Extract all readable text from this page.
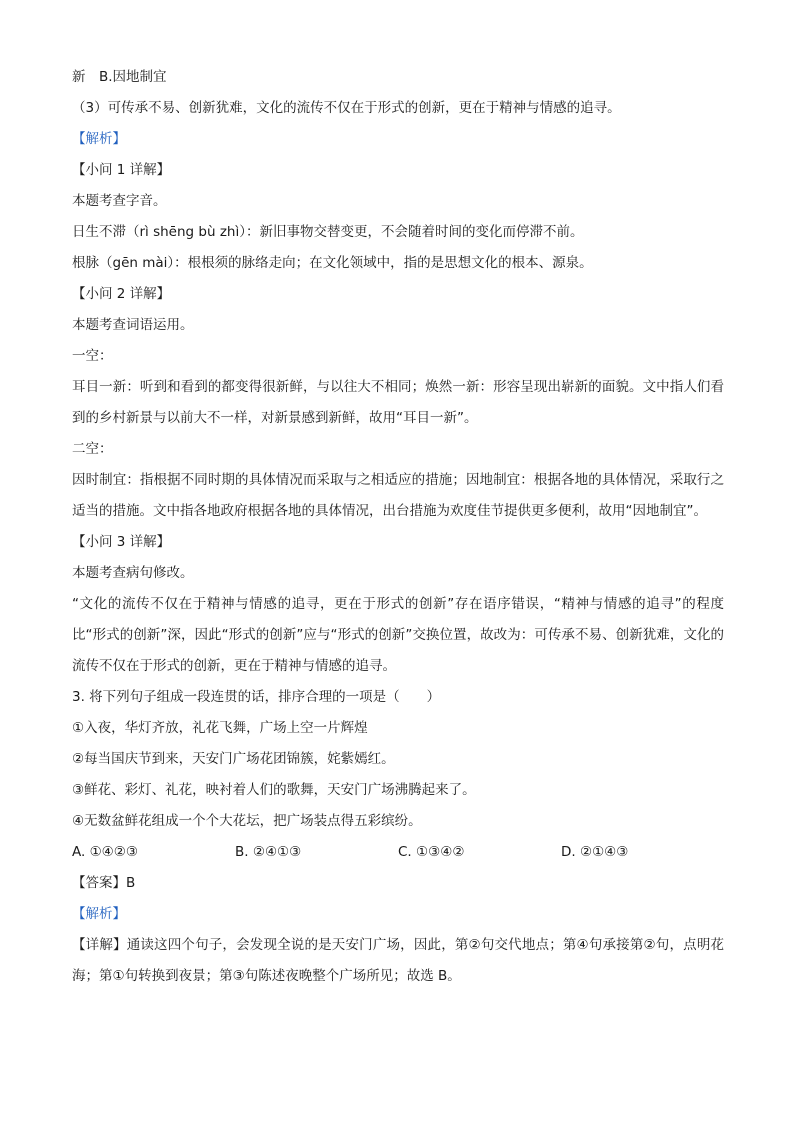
新　B.因地制宜
（3）可传承不易、创新犹难，文化的流传不仅在于形式的创新，更在于精神与情感的追寻。
【解析】
【小问 1 详解】
本题考查字音。
日生不滞（rì shēng bù zhì）：新旧事物交替变更，不会随着时间的变化而停滞不前。
根脉（gēn mài）：根根须的脉络走向；在文化领域中，指的是思想文化的根本、源泉。
【小问 2 详解】
本题考查词语运用。
一空：
耳目一新：听到和看到的都变得很新鲜，与以往大不相同；焕然一新：形容呈现出崭新的面貌。文中指人们看到的乡村新景与以前大不一样，对新景感到新鲜，故用“耳目一新”。
二空：
因时制宜：指根据不同时期的具体情况而采取与之相适应的措施；因地制宜：根据各地的具体情况，采取行之适当的措施。文中指各地政府根据各地的具体情况，出台措施为欢度佳节提供更多便利，故用“因地制宜”。
【小问 3 详解】
本题考查病句修改。
“文化的流传不仅在于精神与情感的追寻，更在于形式的创新”存在语序错误，“精神与情感的追寻”的程度比“形式的创新”深，因此“形式的创新”应与“形式的创新”交换位置，故改为：可传承不易、创新犹难，文化的流传不仅在于形式的创新，更在于精神与情感的追寻。
3. 将下列句子组成一段连贯的话，排序合理的一项是（　　）
①入夜，华灯齐放，礼花飞舞，广场上空一片辉煌
②每当国庆节到来，天安门广场花团锦簇，姹紫嫣红。
③鲜花、彩灯、礼花，映衬着人们的歌舞，天安门广场沸腾起来了。
④无数盆鲜花组成一个个大花坛，把广场装点得五彩缤纷。
A. ①④②③	B. ②④①③	C. ①③④②	D. ②①④③
【答案】B
【解析】
【详解】通读这四个句子，会发现全说的是天安门广场，因此，第②句交代地点；第④句承接第②句，点明花海；第①句转换到夜景；第③句陈述夜晚整个广场所见；故选 B。
